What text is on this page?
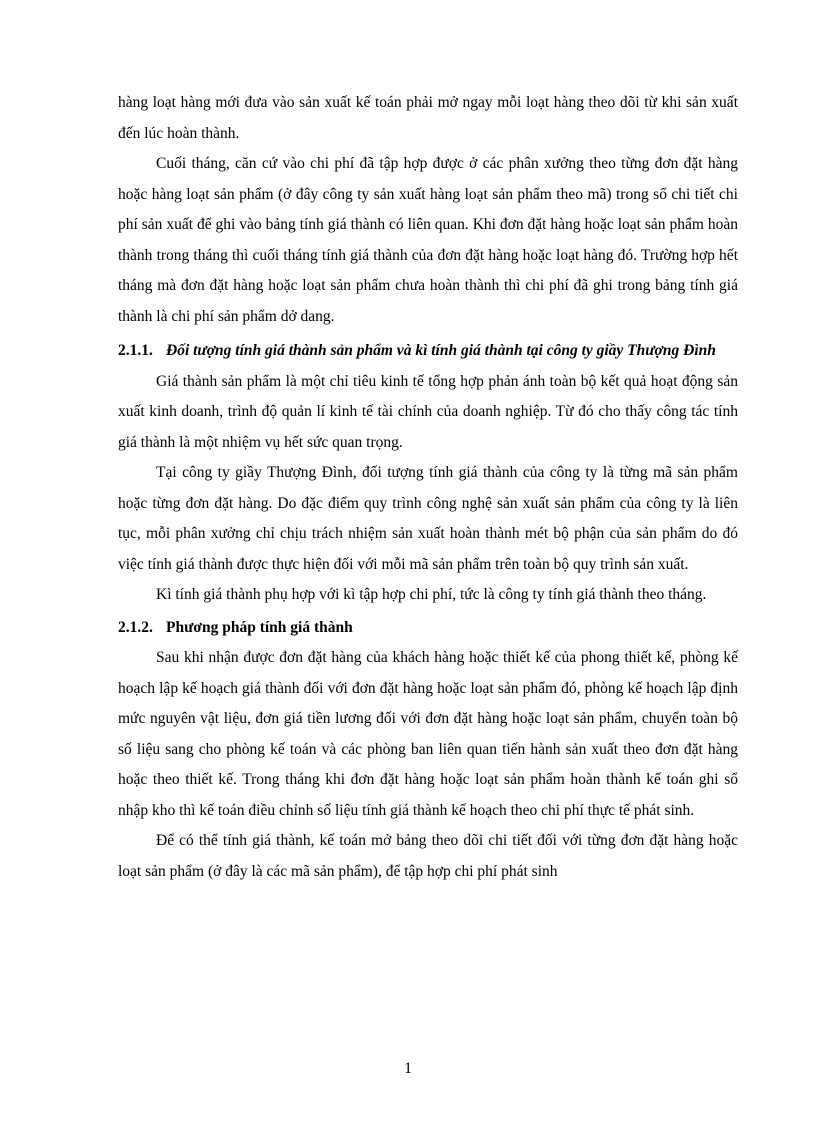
hàng loạt hàng mới đưa vào sản xuất kế toán phải mở ngay mỗi loạt hàng theo dõi từ khi sản xuất đến lúc hoàn thành.

Cuối tháng, căn cứ vào chi phí đã tập hợp được ở các phân xưởng theo từng đơn đặt hàng hoặc hàng loạt sản phẩm (ở đây công ty sản xuất hàng loạt sản phẩm theo mã) trong sổ chi tiết chi phí sản xuất để ghi vào bảng tính giá thành có liên quan. Khi đơn đặt hàng hoặc loạt sản phẩm hoàn thành trong tháng thì cuối tháng tính giá thành của đơn đặt hàng hoặc loạt hàng đó. Trường hợp hết tháng mà đơn đặt hàng hoặc loạt sản phẩm chưa hoàn thành thì chi phí đã ghi trong bảng tính giá thành là chi phí sản phẩm dở dang.

2.1.1. Đối tượng tính giá thành sản phẩm và kì tính giá thành tại công ty giầy Thượng Đình

Giá thành sản phẩm là một chỉ tiêu kinh tế tổng hợp phản ánh toàn bộ kết quả hoạt động sản xuất kinh doanh, trình độ quản lí kinh tế tài chính của doanh nghiệp. Từ đó cho thấy công tác tính giá thành là một nhiệm vụ hết sức quan trọng.

Tại công ty giầy Thượng Đình, đối tượng tính giá thành của công ty là từng mã sản phẩm hoặc từng đơn đặt hàng. Do đặc điểm quy trình công nghệ sản xuất sản phẩm của công ty là liên tục, mỗi phân xưởng chỉ chịu trách nhiệm sản xuất hoàn thành mét bộ phận của sản phẩm do đó việc tính giá thành được thực hiện đối với mỗi mã sản phẩm trên toàn bộ quy trình sản xuất.

Kì tính giá thành phụ hợp với kì tập hợp chi phí, tức là công ty tính giá thành theo tháng.

2.1.2. Phương pháp tính giá thành

Sau khi nhận được đơn đặt hàng của khách hàng hoặc thiết kế của phong thiết kế, phòng kế hoạch lập kế hoạch giá thành đối với đơn đặt hàng hoặc loạt sản phẩm đó, phòng kế hoạch lập định mức nguyên vật liệu, đơn giá tiền lương đối với đơn đặt hàng hoặc loạt sản phẩm, chuyển toàn bộ số liệu sang cho phòng kế toán và các phòng ban liên quan tiến hành sản xuất theo đơn đặt hàng hoặc theo thiết kế. Trong tháng khi đơn đặt hàng hoặc loạt sản phẩm hoàn thành kế toán ghi sổ nhập kho thì kế toán điều chỉnh số liệu tính giá thành kế hoạch theo chi phí thực tế phát sinh.

Để có thể tính giá thành, kế toán mở bảng theo dõi chi tiết đối với từng đơn đặt hàng hoặc loạt sản phẩm (ở đây là các mã sản phẩm), để tập hợp chi phí phát sinh

1
